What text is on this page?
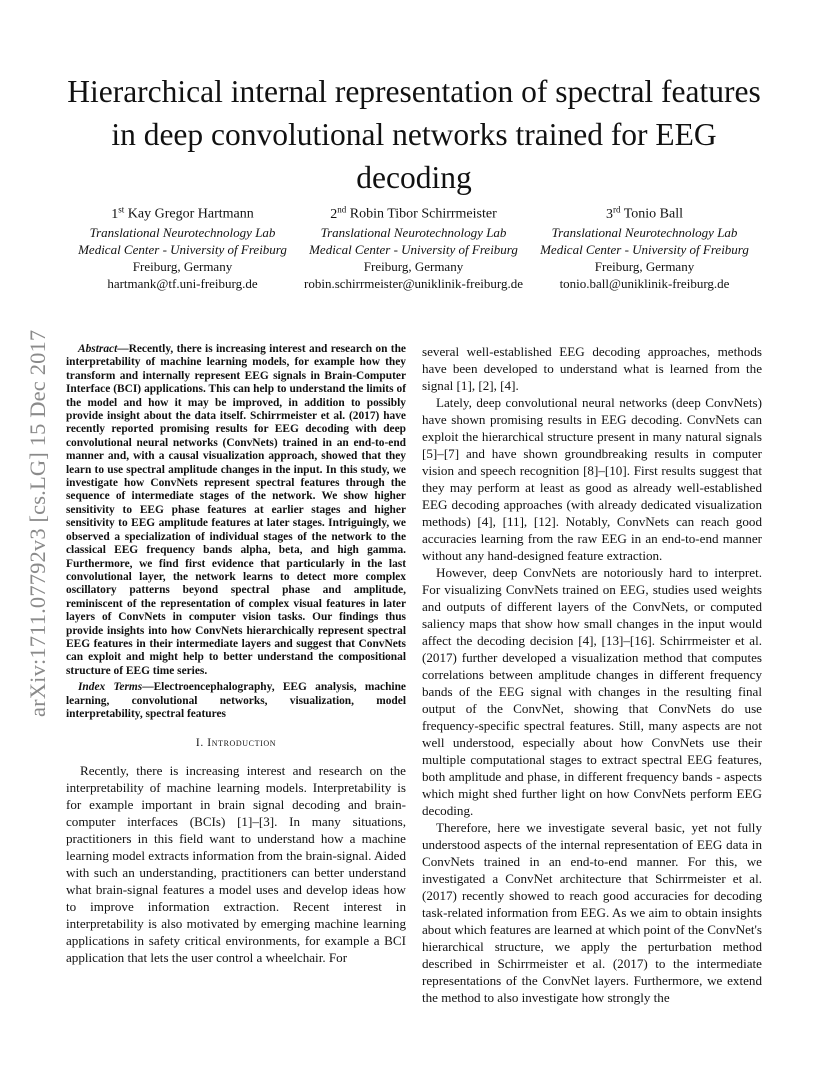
arXiv:1711.07792v3 [cs.LG] 15 Dec 2017
Hierarchical internal representation of spectral features in deep convolutional networks trained for EEG decoding
1st Kay Gregor Hartmann
Translational Neurotechnology Lab
Medical Center - University of Freiburg
Freiburg, Germany
hartmank@tf.uni-freiburg.de
2nd Robin Tibor Schirrmeister
Translational Neurotechnology Lab
Medical Center - University of Freiburg
Freiburg, Germany
robin.schirrmeister@uniklinik-freiburg.de
3rd Tonio Ball
Translational Neurotechnology Lab
Medical Center - University of Freiburg
Freiburg, Germany
tonio.ball@uniklinik-freiburg.de

Abstract—Recently, there is increasing interest and research on the interpretability of machine learning models, for example how they transform and internally represent EEG signals in Brain-Computer Interface (BCI) applications. This can help to understand the limits of the model and how it may be improved, in addition to possibly provide insight about the data itself. Schirrmeister et al. (2017) have recently reported promising results for EEG decoding with deep convolutional neural networks (ConvNets) trained in an end-to-end manner and, with a causal visualization approach, showed that they learn to use spectral amplitude changes in the input. In this study, we investigate how ConvNets represent spectral features through the sequence of intermediate stages of the network. We show higher sensitivity to EEG phase features at earlier stages and higher sensitivity to EEG amplitude features at later stages. Intriguingly, we observed a specialization of individual stages of the network to the classical EEG frequency bands alpha, beta, and high gamma. Furthermore, we find first evidence that particularly in the last convolutional layer, the network learns to detect more complex oscillatory patterns beyond spectral phase and amplitude, reminiscent of the representation of complex visual features in later layers of ConvNets in computer vision tasks. Our findings thus provide insights into how ConvNets hierarchically represent spectral EEG features in their intermediate layers and suggest that ConvNets can exploit and might help to better understand the compositional structure of EEG time series.

Index Terms—Electroencephalography, EEG analysis, machine learning, convolutional networks, visualization, model interpretability, spectral features

I. Introduction

Recently, there is increasing interest and research on the interpretability of machine learning models. Interpretability is for example important in brain signal decoding and brain-computer interfaces (BCIs) [1]–[3]. In many situations, practitioners in this field want to understand how a machine learning model extracts information from the brain-signal. Aided with such an understanding, practitioners can better understand what brain-signal features a model uses and develop ideas how to improve information extraction. Recent interest in interpretability is also motivated by emerging machine learning applications in safety critical environments, for example a BCI application that lets the user control a wheelchair. For

several well-established EEG decoding approaches, methods have been developed to understand what is learned from the signal [1], [2], [4].

Lately, deep convolutional neural networks (deep ConvNets) have shown promising results in EEG decoding. ConvNets can exploit the hierarchical structure present in many natural signals [5]–[7] and have shown groundbreaking results in computer vision and speech recognition [8]–[10]. First results suggest that they may perform at least as good as already well-established EEG decoding approaches (with already dedicated visualization methods) [4], [11], [12]. Notably, ConvNets can reach good accuracies learning from the raw EEG in an end-to-end manner without any hand-designed feature extraction.

However, deep ConvNets are notoriously hard to interpret. For visualizing ConvNets trained on EEG, studies used weights and outputs of different layers of the ConvNets, or computed saliency maps that show how small changes in the input would affect the decoding decision [4], [13]–[16]. Schirrmeister et al. (2017) further developed a visualization method that computes correlations between amplitude changes in different frequency bands of the EEG signal with changes in the resulting final output of the ConvNet, showing that ConvNets do use frequency-specific spectral features. Still, many aspects are not well understood, especially about how ConvNets use their multiple computational stages to extract spectral EEG features, both amplitude and phase, in different frequency bands - aspects which might shed further light on how ConvNets perform EEG decoding.

Therefore, here we investigate several basic, yet not fully understood aspects of the internal representation of EEG data in ConvNets trained in an end-to-end manner. For this, we investigated a ConvNet architecture that Schirrmeister et al. (2017) recently showed to reach good accuracies for decoding task-related information from EEG. As we aim to obtain insights about which features are learned at which point of the ConvNet's hierarchical structure, we apply the perturbation method described in Schirrmeister et al. (2017) to the intermediate representations of the ConvNet layers. Furthermore, we extend the method to also investigate how strongly the
